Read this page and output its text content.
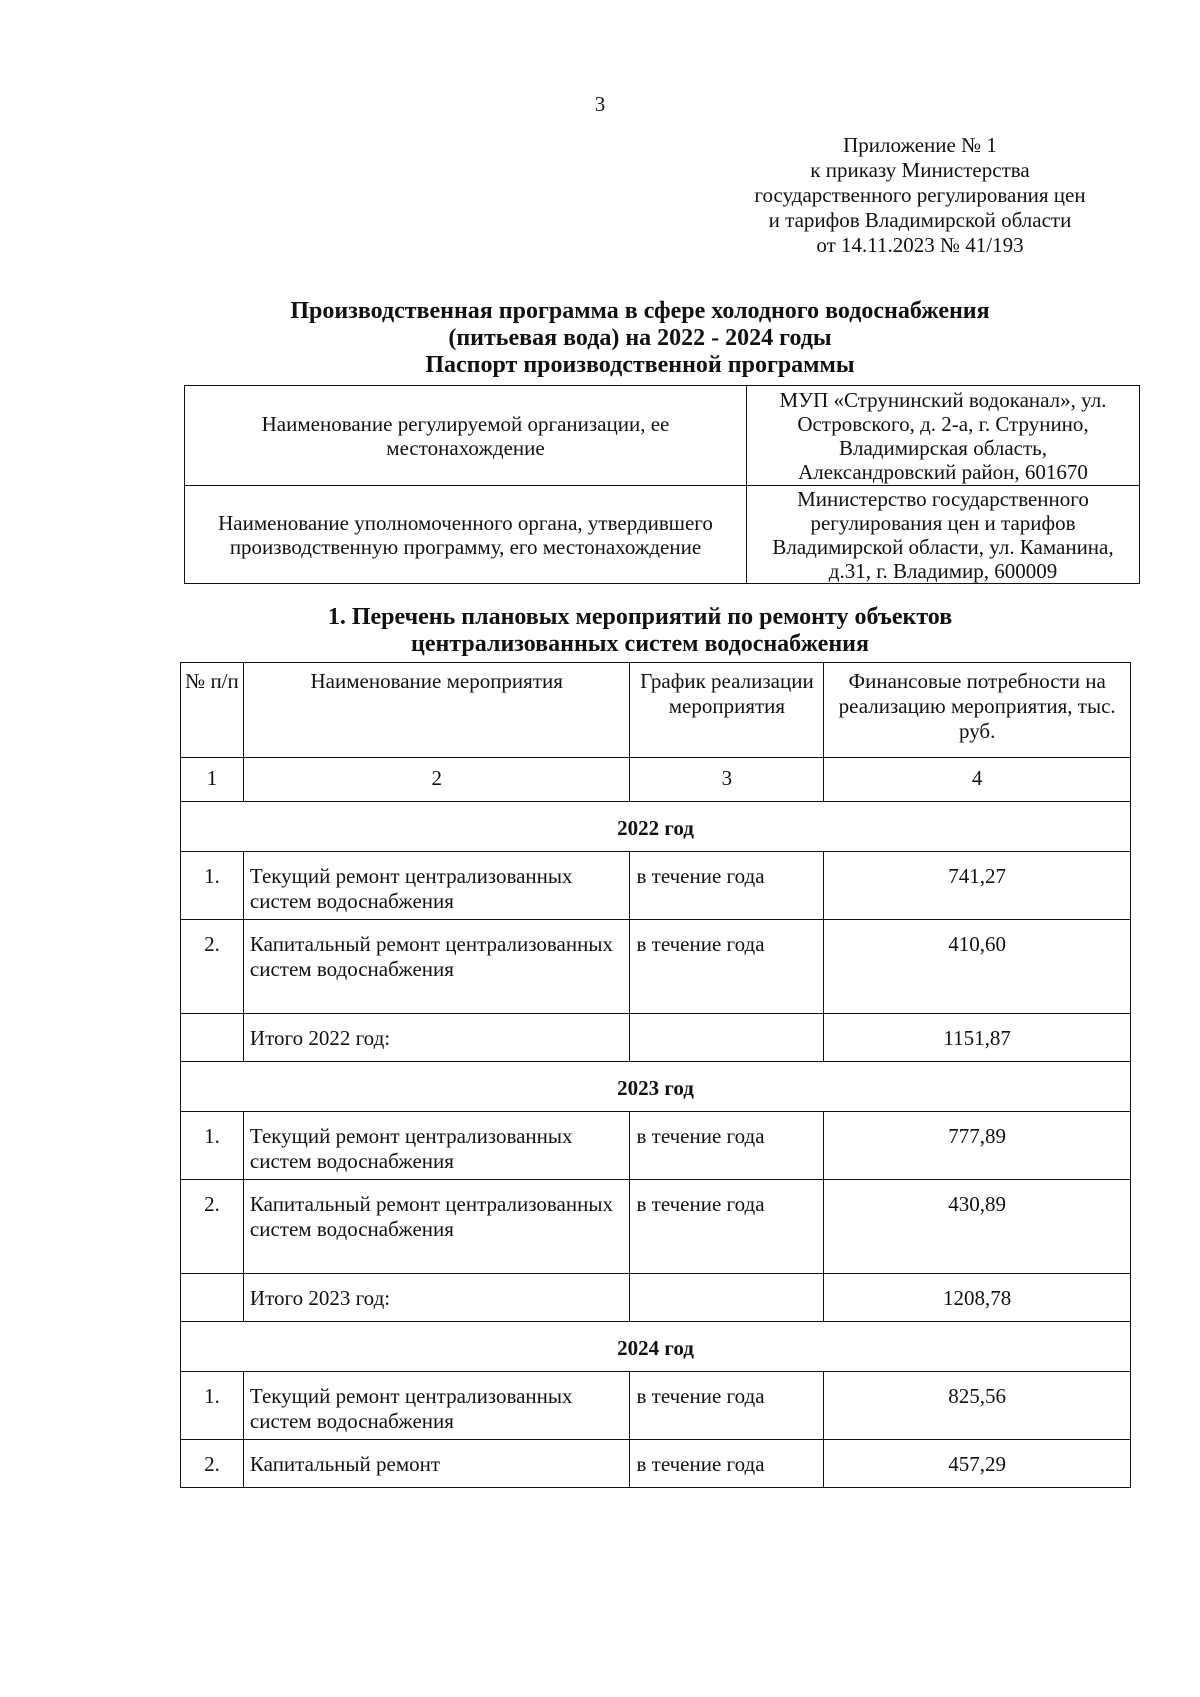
3
Приложение № 1
к приказу Министерства
государственного регулирования цен
и тарифов Владимирской области
от 14.11.2023 № 41/193
Производственная программа в сфере холодного водоснабжения
(питьевая вода) на 2022 - 2024 годы
Паспорт производственной программы
Наименование регулируемой организации, ее местонахождение	МУП «Струнинский водоканал», ул. Островского, д. 2-а, г. Струнино, Владимирская область, Александровский район, 601670
Наименование уполномоченного органа, утвердившего производственную программу, его местонахождение	Министерство государственного регулирования цен и тарифов Владимирской области, ул. Каманина, д.31, г. Владимир, 600009
1. Перечень плановых мероприятий по ремонту объектов
централизованных систем водоснабжения
№ п/п	Наименование мероприятия	График реализации мероприятия	Финансовые потребности на реализацию мероприятия, тыс. руб.
1	2	3	4
2022 год			
1.	Текущий ремонт централизованных систем водоснабжения	в течение года	741,27
2.	Капитальный ремонт централизованных систем водоснабжения	в течение года	410,60
	Итого 2022 год:		1151,87
2023 год			
1.	Текущий ремонт централизованных систем водоснабжения	в течение года	777,89
2.	Капитальный ремонт централизованных систем водоснабжения	в течение года	430,89
	Итого 2023 год:		1208,78
2024 год			
1.	Текущий ремонт централизованных систем водоснабжения	в течение года	825,56
2.	Капитальный ремонт	в течение года	457,29
